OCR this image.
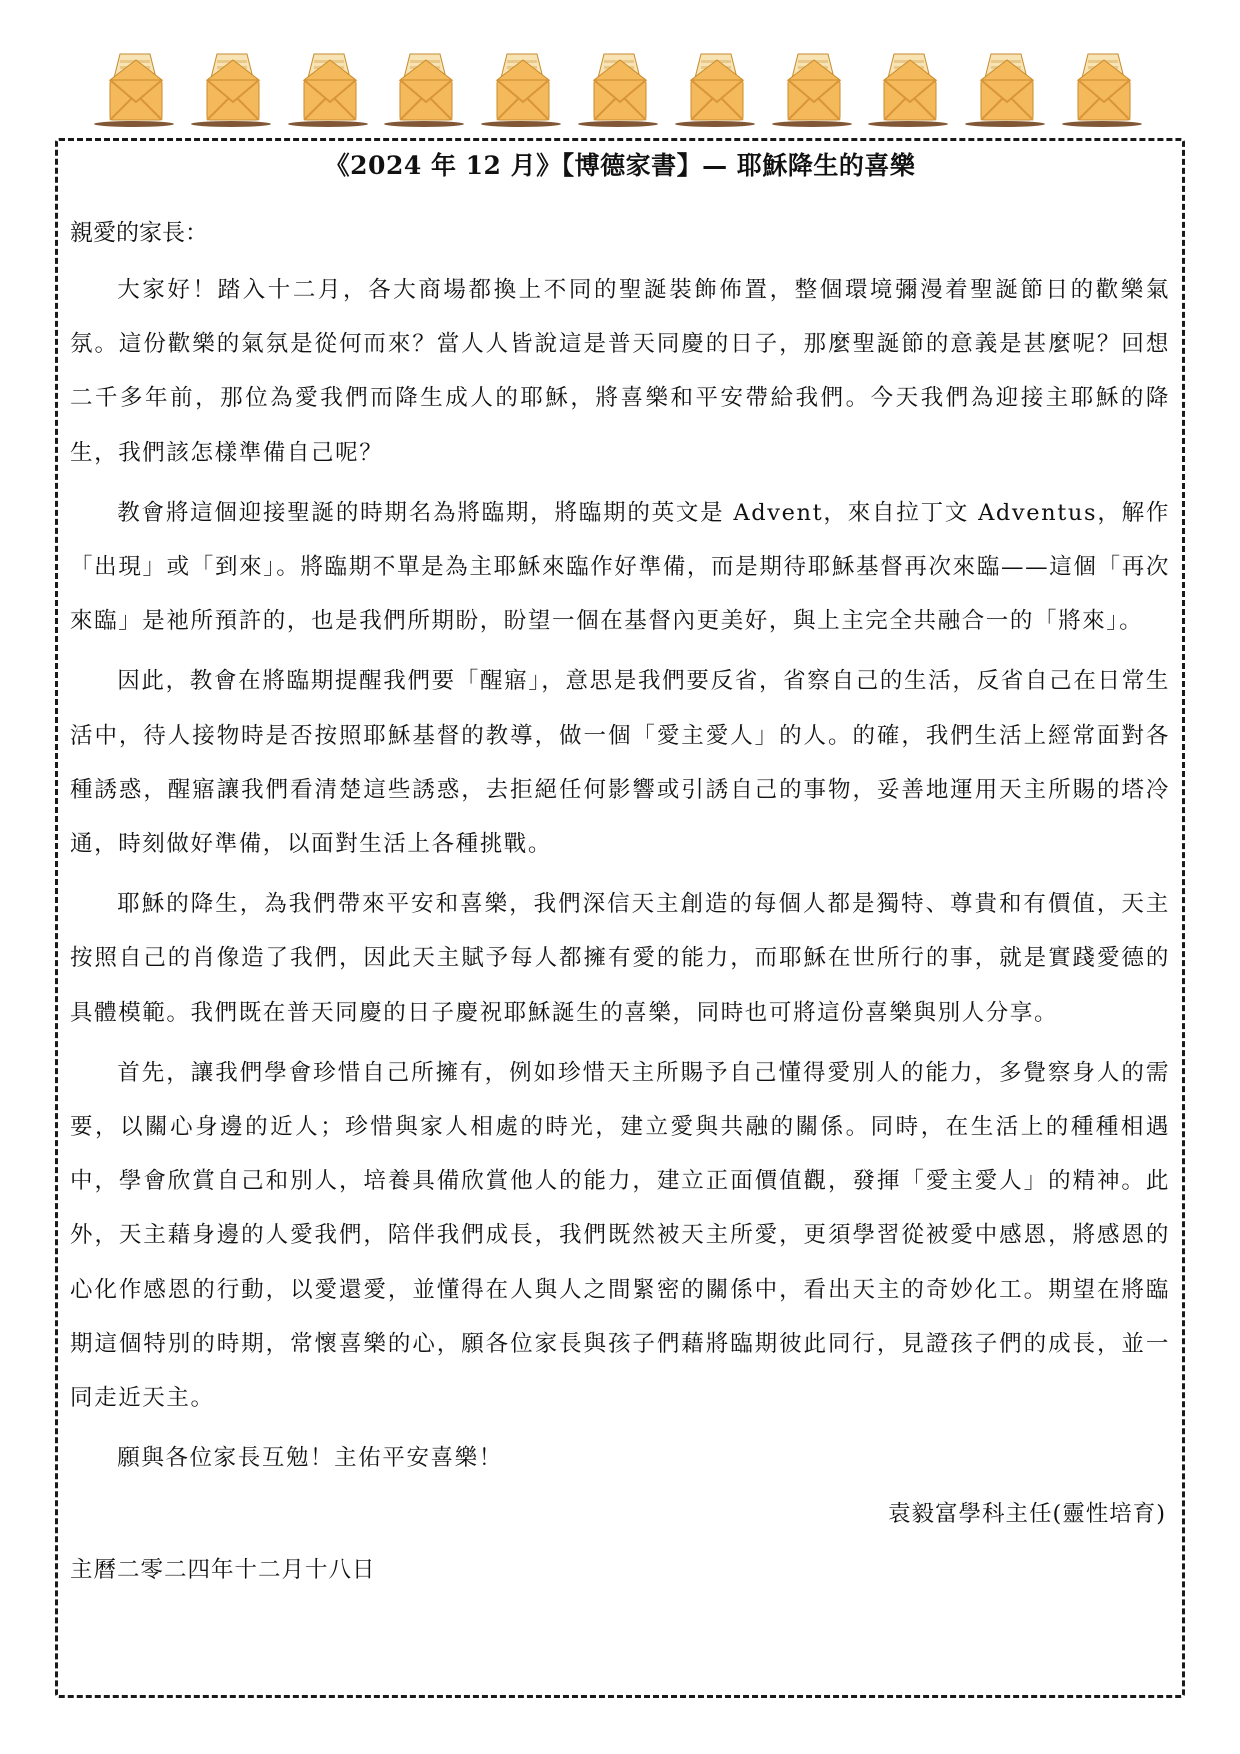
《2024 年 12 月》【博德家書】— 耶穌降生的喜樂
親愛的家長：

大家好！踏入十二月，各大商場都換上不同的聖誕裝飾佈置，整個環境彌漫着聖誕節日的歡樂氣氛。這份歡樂的氣氛是從何而來？當人人皆說這是普天同慶的日子，那麼聖誕節的意義是甚麼呢？回想二千多年前，那位為愛我們而降生成人的耶穌，將喜樂和平安帶給我們。今天我們為迎接主耶穌的降生，我們該怎樣準備自己呢？

教會將這個迎接聖誕的時期名為將臨期，將臨期的英文是 Advent，來自拉丁文 Adventus，解作「出現」或「到來」。將臨期不單是為主耶穌來臨作好準備，而是期待耶穌基督再次來臨——這個「再次來臨」是祂所預許的，也是我們所期盼，盼望一個在基督內更美好，與上主完全共融合一的「將來」。

因此，教會在將臨期提醒我們要「醒寤」，意思是我們要反省，省察自己的生活，反省自己在日常生活中，待人接物時是否按照耶穌基督的教導，做一個「愛主愛人」的人。的確，我們生活上經常面對各種誘惑，醒寤讓我們看清楚這些誘惑，去拒絕任何影響或引誘自己的事物，妥善地運用天主所賜的塔冷通，時刻做好準備，以面對生活上各種挑戰。

耶穌的降生，為我們帶來平安和喜樂，我們深信天主創造的每個人都是獨特、尊貴和有價值，天主按照自己的肖像造了我們，因此天主賦予每人都擁有愛的能力，而耶穌在世所行的事，就是實踐愛德的具體模範。我們既在普天同慶的日子慶祝耶穌誕生的喜樂，同時也可將這份喜樂與別人分享。

首先，讓我們學會珍惜自己所擁有，例如珍惜天主所賜予自己懂得愛別人的能力，多覺察身人的需要，以關心身邊的近人；珍惜與家人相處的時光，建立愛與共融的關係。同時，在生活上的種種相遇中，學會欣賞自己和別人，培養具備欣賞他人的能力，建立正面價值觀，發揮「愛主愛人」的精神。此外，天主藉身邊的人愛我們，陪伴我們成長，我們既然被天主所愛，更須學習從被愛中感恩，將感恩的心化作感恩的行動，以愛還愛，並懂得在人與人之間緊密的關係中，看出天主的奇妙化工。期望在將臨期這個特別的時期，常懷喜樂的心，願各位家長與孩子們藉將臨期彼此同行，見證孩子們的成長，並一同走近天主。

願與各位家長互勉！主佑平安喜樂！
袁毅富學科主任(靈性培育)
主曆二零二四年十二月十八日
